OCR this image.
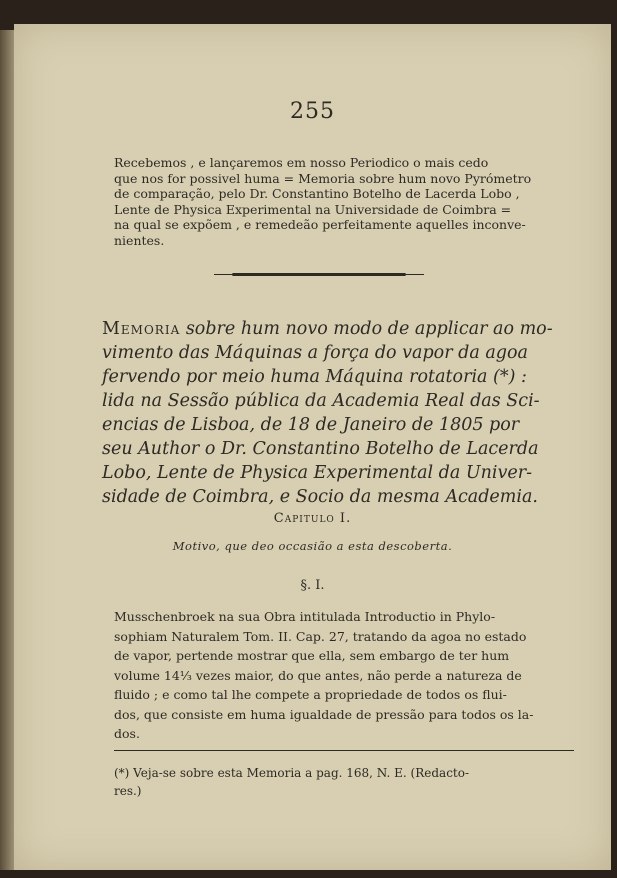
255
Recebemos , e lançaremos em nosso Periodico o mais cedo
que nos for possivel huma = Memoria sobre hum novo Pyrómetro
de comparação, pelo Dr. Constantino Botelho de Lacerda Lobo ,
Lente de Physica Experimental na Universidade de Coimbra =
na qual se expõem , e remedeão perfeitamente aquelles inconve-
nientes.
Memoria sobre hum novo modo de applicar ao mo-
vimento das Máquinas a força do vapor da agoa
fervendo por meio huma Máquina rotatoria (*) :
lida na Sessão pública da Academia Real das Sci-
encias de Lisboa, de 18 de Janeiro de 1805 por
seu Author o Dr. Constantino Botelho de Lacerda
Lobo, Lente de Physica Experimental da Univer-
sidade de Coimbra, e Socio da mesma Academia.
Capitulo I.
Motivo, que deo occasião a esta descoberta.
§. I.
Musschenbroek na sua Obra intitulada Introductio in Phylo-
sophiam Naturalem Tom. II. Cap. 27, tratando da agoa no estado
de vapor, pertende mostrar que ella, sem embargo de ter hum
volume 14⅓ vezes maior, do que antes, não perde a natureza de
fluido ; e como tal lhe compete a propriedade de todos os flui-
dos, que consiste em huma igualdade de pressão para todos os la-
dos.
(*) Veja-se sobre esta Memoria a pag. 168, N. E. (Redacto-
res.)
